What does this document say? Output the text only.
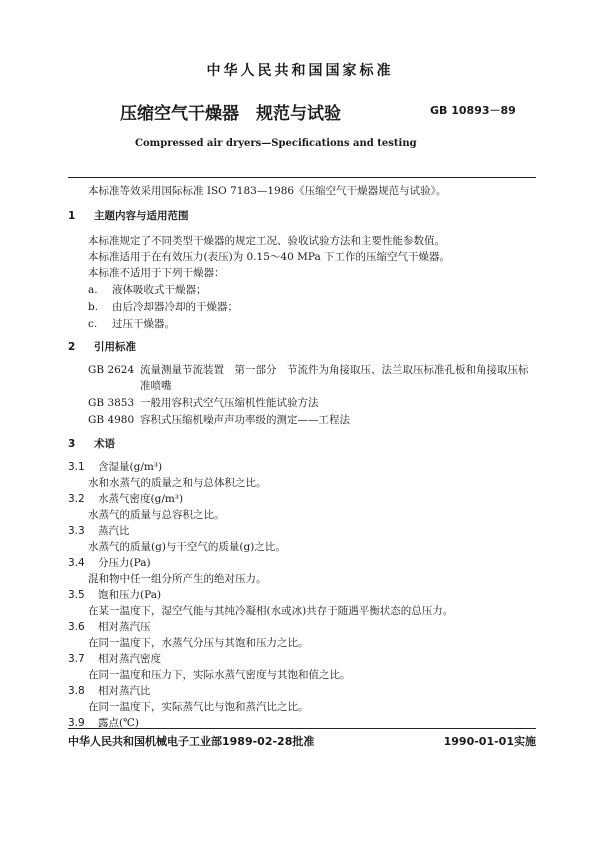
中华人民共和国国家标准
压缩空气干燥器　规范与试验	GB 10893－89
Compressed air dryers—Specifications and testing
本标准等效采用国际标准 ISO 7183—1986《压缩空气干燥器规范与试验》。
1 主题内容与适用范围
本标准规定了不同类型干燥器的规定工况、验收试验方法和主要性能参数值。
本标准适用于在有效压力(表压)为 0.15～40 MPa 下工作的压缩空气干燥器。
本标准不适用于下列干燥器：
a. 液体吸收式干燥器；
b. 由后冷却器冷却的干燥器；
c. 过压干燥器。
2 引用标准
GB 2624 流量测量节流装置　第一部分　节流件为角接取压、法兰取压标准孔板和角接取压标
准喷嘴
GB 3853 一般用容积式空气压缩机性能试验方法
GB 4980 容积式压缩机噪声声功率级的测定——工程法
3 术语
3.1 含湿量(g/m³)
水和水蒸气的质量之和与总体积之比。
3.2 水蒸气密度(g/m³)
水蒸气的质量与总容积之比。
3.3 蒸汽比
水蒸气的质量(g)与干空气的质量(g)之比。
3.4 分压力(Pa)
混和物中任一组分所产生的绝对压力。
3.5 饱和压力(Pa)
在某一温度下，湿空气能与其纯冷凝相(水或冰)共存于随遇平衡状态的总压力。
3.6 相对蒸汽压
在同一温度下，水蒸气分压与其饱和压力之比。
3.7 相对蒸汽密度
在同一温度和压力下，实际水蒸气密度与其饱和值之比。
3.8 相对蒸汽比
在同一温度下，实际蒸气比与饱和蒸汽比之比。
3.9 露点(℃)
中华人民共和国机械电子工业部1989-02-28批准	1990-01-01实施
